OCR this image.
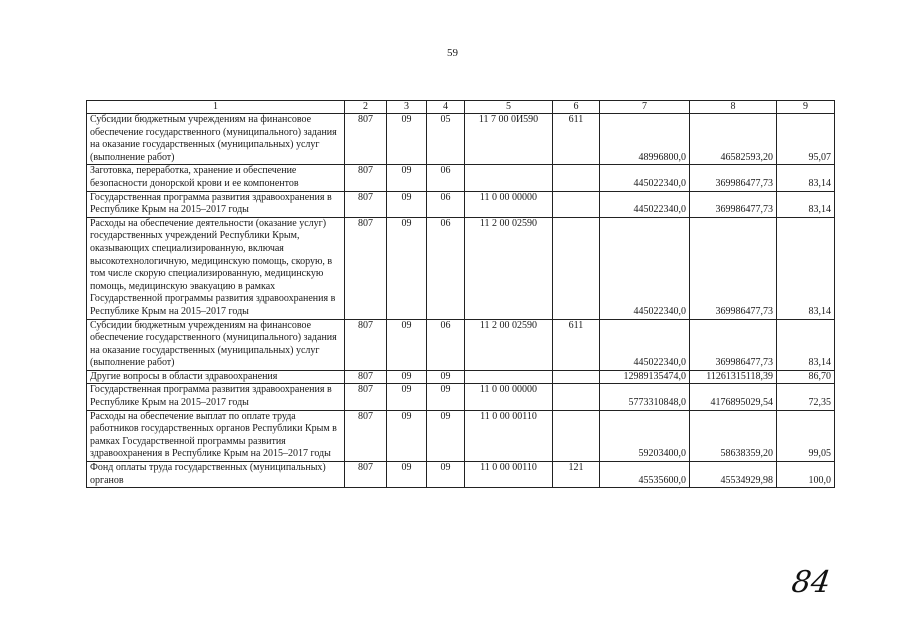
59
1	2	3	4	5	6	7	8	9
Субсидии бюджетным учреждениям на финансовое обеспечение государственного (муниципального) задания на оказание государственных (муниципальных) услуг (выполнение работ)	807	09	05	11 7 00 0И590	611	48996800,0	46582593,20	95,07
Заготовка, переработка, хранение и обеспечение безопасности донорской крови и ее компонентов	807	09	06			445022340,0	369986477,73	83,14
Государственная программа развития здравоохранения в Республике Крым на 2015–2017 годы	807	09	06	11 0 00 00000		445022340,0	369986477,73	83,14
Расходы на обеспечение деятельности (оказание услуг) государственных учреждений Республики Крым, оказывающих специализированную, включая высокотехнологичную, медицинскую помощь, скорую, в том числе скорую специализированную, медицинскую помощь, медицинскую эвакуацию в рамках Государственной программы развития здравоохранения в Республике Крым на 2015–2017 годы	807	09	06	11 2 00 02590		445022340,0	369986477,73	83,14
Субсидии бюджетным учреждениям на финансовое обеспечение государственного (муниципального) задания на оказание государственных (муниципальных) услуг (выполнение работ)	807	09	06	11 2 00 02590	611	445022340,0	369986477,73	83,14
Другие вопросы в области здравоохранения	807	09	09			12989135474,0	11261315118,39	86,70
Государственная программа развития здравоохранения в Республике Крым на 2015–2017 годы	807	09	09	11 0 00 00000		5773310848,0	4176895029,54	72,35
Расходы на обеспечение выплат по оплате труда работников государственных органов Республики Крым в рамках Государственной программы развития здравоохранения в Республике Крым на 2015–2017 годы	807	09	09	11 0 00 00110		59203400,0	58638359,20	99,05
Фонд оплаты труда государственных (муниципальных) органов	807	09	09	11 0 00 00110	121	45535600,0	45534929,98	100,0
84
